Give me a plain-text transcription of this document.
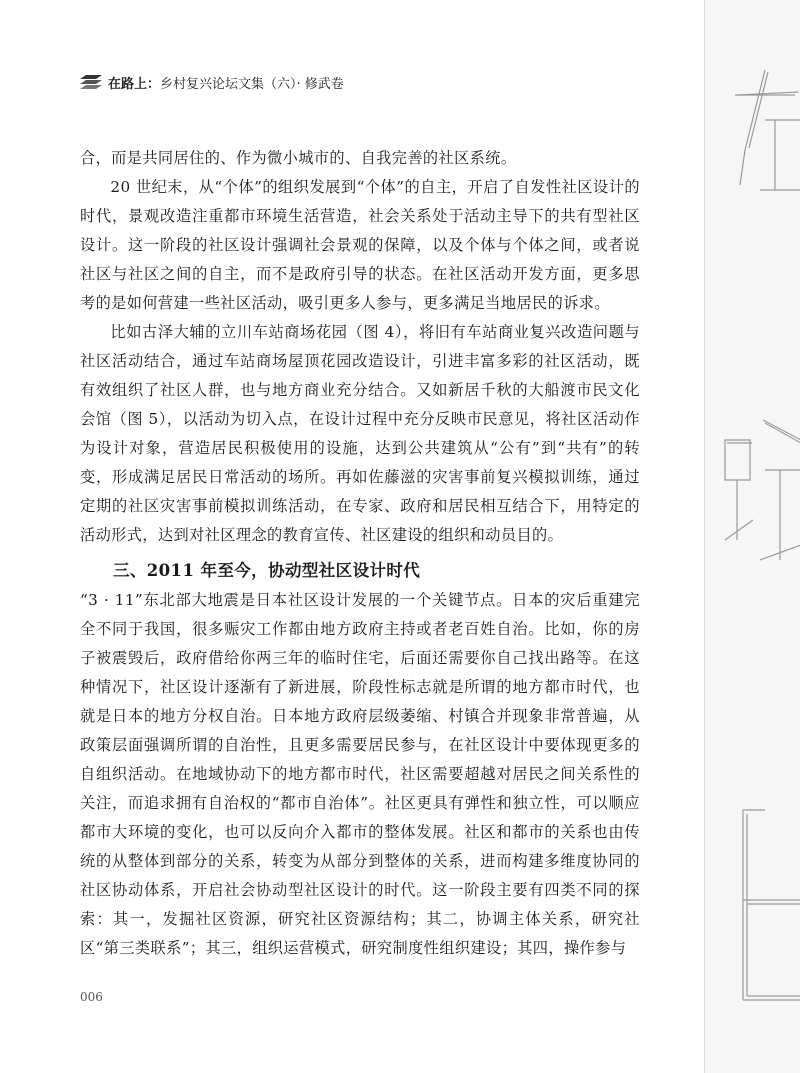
在路上： 乡村复兴论坛文集（六）· 修武卷

合，而是共同居住的、作为微小城市的、自我完善的社区系统。

20 世纪末，从“个体”的组织发展到“个体”的自主，开启了自发性社区设计的时代，景观改造注重都市环境生活营造，社会关系处于活动主导下的共有型社区设计。这一阶段的社区设计强调社会景观的保障，以及个体与个体之间，或者说社区与社区之间的自主，而不是政府引导的状态。在社区活动开发方面，更多思考的是如何营建一些社区活动，吸引更多人参与，更多满足当地居民的诉求。

比如古泽大辅的立川车站商场花园（图 4），将旧有车站商业复兴改造问题与社区活动结合，通过车站商场屋顶花园改造设计，引进丰富多彩的社区活动，既有效组织了社区人群，也与地方商业充分结合。又如新居千秋的大船渡市民文化会馆（图 5），以活动为切入点，在设计过程中充分反映市民意见，将社区活动作为设计对象，营造居民积极使用的设施，达到公共建筑从“公有”到“共有”的转变，形成满足居民日常活动的场所。再如佐藤滋的灾害事前复兴模拟训练，通过定期的社区灾害事前模拟训练活动，在专家、政府和居民相互结合下，用特定的活动形式，达到对社区理念的教育宣传、社区建设的组织和动员目的。

三、2011 年至今，协动型社区设计时代

“3 · 11”东北部大地震是日本社区设计发展的一个关键节点。日本的灾后重建完全不同于我国，很多赈灾工作都由地方政府主持或者老百姓自治。比如，你的房子被震毁后，政府借给你两三年的临时住宅，后面还需要你自己找出路等。在这种情况下，社区设计逐渐有了新进展，阶段性标志就是所谓的地方都市时代，也就是日本的地方分权自治。日本地方政府层级萎缩、村镇合并现象非常普遍，从政策层面强调所谓的自治性，且更多需要居民参与，在社区设计中要体现更多的自组织活动。在地域协动下的地方都市时代，社区需要超越对居民之间关系性的关注，而追求拥有自治权的“都市自治体”。社区更具有弹性和独立性，可以顺应都市大环境的变化，也可以反向介入都市的整体发展。社区和都市的关系也由传统的从整体到部分的关系，转变为从部分到整体的关系，进而构建多维度协同的社区协动体系，开启社会协动型社区设计的时代。这一阶段主要有四类不同的探索：其一，发掘社区资源，研究社区资源结构；其二，协调主体关系，研究社区“第三类联系”；其三，组织运营模式，研究制度性组织建设；其四，操作参与

006
